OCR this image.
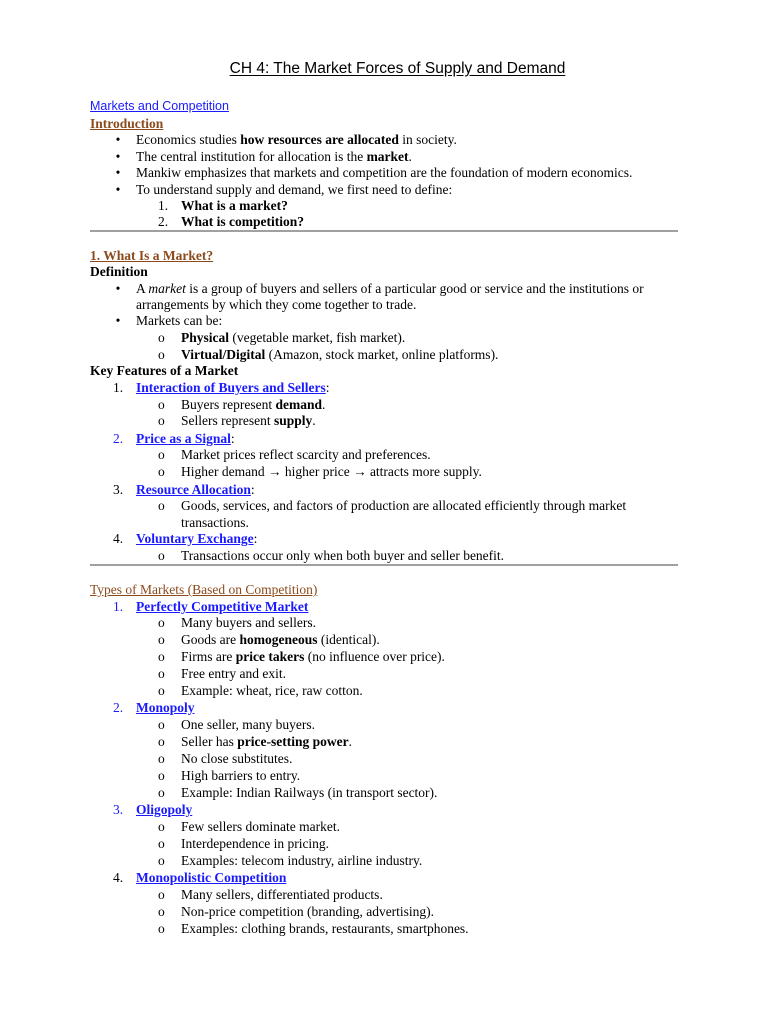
CH 4: The Market Forces of Supply and Demand
Markets and Competition
Introduction
• Economics studies how resources are allocated in society.
• The central institution for allocation is the market.
• Mankiw emphasizes that markets and competition are the foundation of modern economics.
• To understand supply and demand, we first need to define:
1. What is a market?
2. What is competition?
1. What Is a Market?
Definition
• A market is a group of buyers and sellers of a particular good or service and the institutions or
arrangements by which they come together to trade.
• Markets can be:
o Physical (vegetable market, fish market).
o Virtual/Digital (Amazon, stock market, online platforms).
Key Features of a Market
1. Interaction of Buyers and Sellers:
o Buyers represent demand.
o Sellers represent supply.
2. Price as a Signal:
o Market prices reflect scarcity and preferences.
o Higher demand → higher price → attracts more supply.
3. Resource Allocation:
o Goods, services, and factors of production are allocated efficiently through market
transactions.
4. Voluntary Exchange:
o Transactions occur only when both buyer and seller benefit.
Types of Markets (Based on Competition)
1. Perfectly Competitive Market
o Many buyers and sellers.
o Goods are homogeneous (identical).
o Firms are price takers (no influence over price).
o Free entry and exit.
o Example: wheat, rice, raw cotton.
2. Monopoly
o One seller, many buyers.
o Seller has price-setting power.
o No close substitutes.
o High barriers to entry.
o Example: Indian Railways (in transport sector).
3. Oligopoly
o Few sellers dominate market.
o Interdependence in pricing.
o Examples: telecom industry, airline industry.
4. Monopolistic Competition
o Many sellers, differentiated products.
o Non-price competition (branding, advertising).
o Examples: clothing brands, restaurants, smartphones.
